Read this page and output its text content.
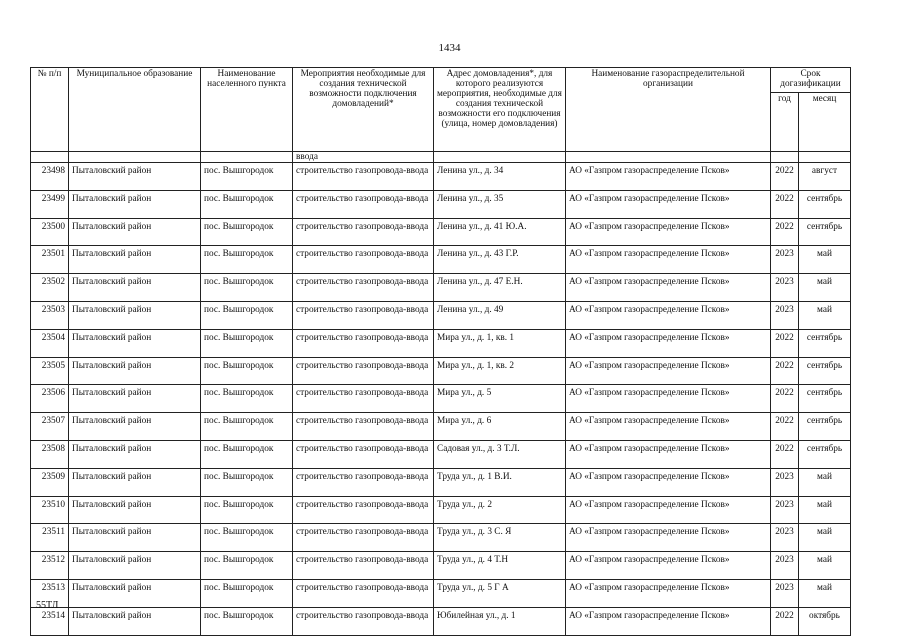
1434
№ п/п	Муниципальное образование	Наименование населенного пункта	Мероприятия необходимые для создания технической возможности подключения домовладений*	Адрес домовладения*, для которого реализуются мероприятия, необходимые для создания технической возможности его подключения (улица, номер домовладения)	Наименование газораспределительной организации	Срок догазификации	
						год	месяц
			ввода				
23498	Пыталовский район	пос. Вышгородок	строительство газопровода-ввода	Ленина ул., д. 34	АО «Газпром газораспределение Псков»	2022	август
23499	Пыталовский район	пос. Вышгородок	строительство газопровода-ввода	Ленина ул., д. 35	АО «Газпром газораспределение Псков»	2022	сентябрь
23500	Пыталовский район	пос. Вышгородок	строительство газопровода-ввода	Ленина ул., д. 41 Ю.А.	АО «Газпром газораспределение Псков»	2022	сентябрь
23501	Пыталовский район	пос. Вышгородок	строительство газопровода-ввода	Ленина ул., д. 43 Г.Р.	АО «Газпром газораспределение Псков»	2023	май
23502	Пыталовский район	пос. Вышгородок	строительство газопровода-ввода	Ленина ул., д. 47 Е.Н.	АО «Газпром газораспределение Псков»	2023	май
23503	Пыталовский район	пос. Вышгородок	строительство газопровода-ввода	Ленина ул., д. 49	АО «Газпром газораспределение Псков»	2023	май
23504	Пыталовский район	пос. Вышгородок	строительство газопровода-ввода	Мира ул., д. 1, кв. 1	АО «Газпром газораспределение Псков»	2022	сентябрь
23505	Пыталовский район	пос. Вышгородок	строительство газопровода-ввода	Мира ул., д. 1, кв. 2	АО «Газпром газораспределение Псков»	2022	сентябрь
23506	Пыталовский район	пос. Вышгородок	строительство газопровода-ввода	Мира ул., д. 5	АО «Газпром газораспределение Псков»	2022	сентябрь
23507	Пыталовский район	пос. Вышгородок	строительство газопровода-ввода	Мира ул., д. 6	АО «Газпром газораспределение Псков»	2022	сентябрь
23508	Пыталовский район	пос. Вышгородок	строительство газопровода-ввода	Садовая ул., д. 3 Т.Л.	АО «Газпром газораспределение Псков»	2022	сентябрь
23509	Пыталовский район	пос. Вышгородок	строительство газопровода-ввода	Труда ул., д. 1 В.И.	АО «Газпром газораспределение Псков»	2023	май
23510	Пыталовский район	пос. Вышгородок	строительство газопровода-ввода	Труда ул., д. 2	АО «Газпром газораспределение Псков»	2023	май
23511	Пыталовский район	пос. Вышгородок	строительство газопровода-ввода	Труда ул., д. 3 С. Я	АО «Газпром газораспределение Псков»	2023	май
23512	Пыталовский район	пос. Вышгородок	строительство газопровода-ввода	Труда ул., д. 4 Т.Н	АО «Газпром газораспределение Псков»	2023	май
23513	Пыталовский район	пос. Вышгородок	строительство газопровода-ввода	Труда ул., д. 5 Г А	АО «Газпром газораспределение Псков»	2023	май
23514	Пыталовский район	пос. Вышгородок	строительство газопровода-ввода	Юбилейная ул., д. 1	АО «Газпром газораспределение Псков»	2022	октябрь
55ТЛ
